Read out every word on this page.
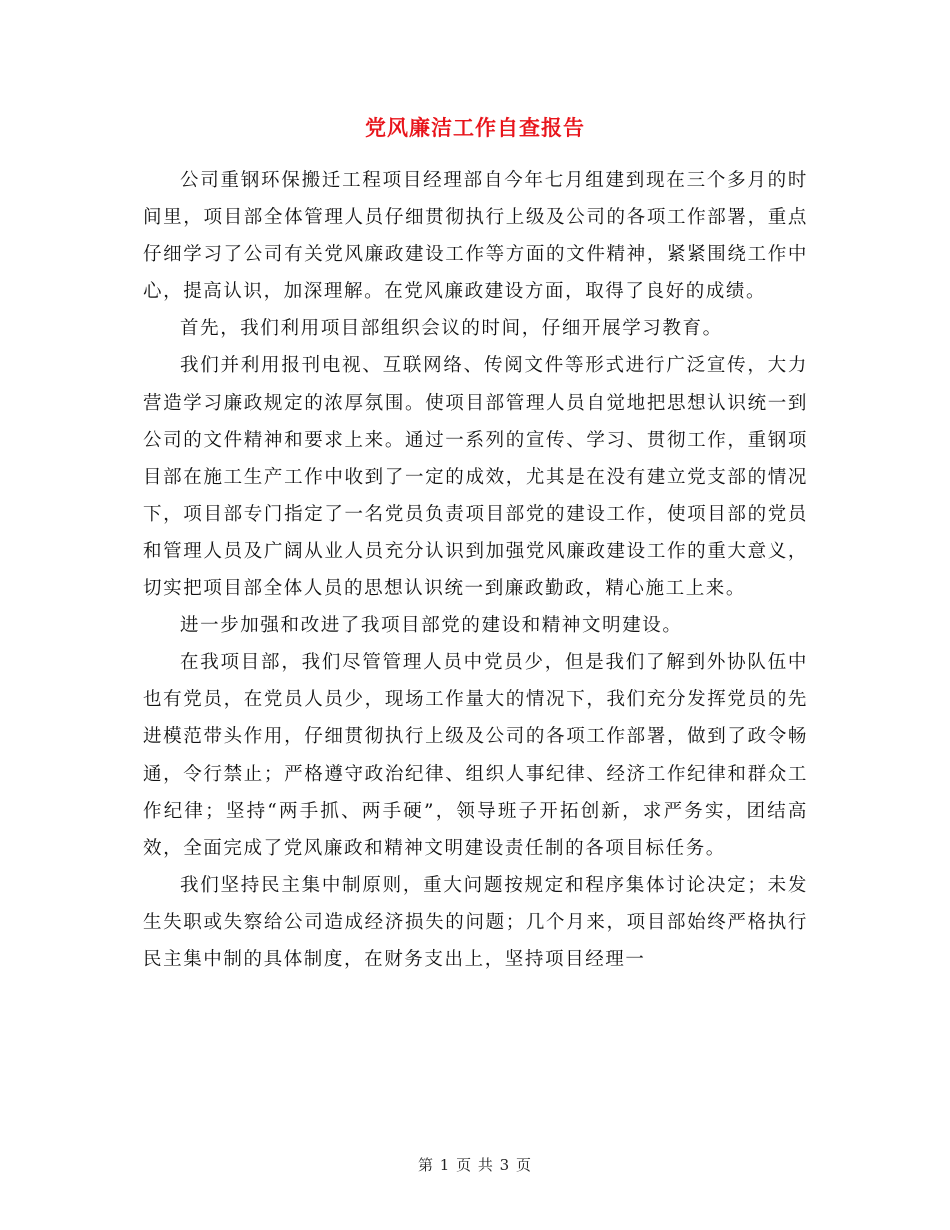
党风廉洁工作自查报告

公司重钢环保搬迁工程项目经理部自今年七月组建到现在三个多月的时间里，项目部全体管理人员仔细贯彻执行上级及公司的各项工作部署，重点仔细学习了公司有关党风廉政建设工作等方面的文件精神，紧紧围绕工作中心，提高认识，加深理解。在党风廉政建设方面，取得了良好的成绩。

首先，我们利用项目部组织会议的时间，仔细开展学习教育。

我们并利用报刊电视、互联网络、传阅文件等形式进行广泛宣传，大力营造学习廉政规定的浓厚氛围。使项目部管理人员自觉地把思想认识统一到公司的文件精神和要求上来。通过一系列的宣传、学习、贯彻工作，重钢项目部在施工生产工作中收到了一定的成效，尤其是在没有建立党支部的情况下，项目部专门指定了一名党员负责项目部党的建设工作，使项目部的党员和管理人员及广阔从业人员充分认识到加强党风廉政建设工作的重大意义，切实把项目部全体人员的思想认识统一到廉政勤政，精心施工上来。

进一步加强和改进了我项目部党的建设和精神文明建设。

在我项目部，我们尽管管理人员中党员少，但是我们了解到外协队伍中也有党员，在党员人员少，现场工作量大的情况下，我们充分发挥党员的先进模范带头作用，仔细贯彻执行上级及公司的各项工作部署，做到了政令畅通，令行禁止；严格遵守政治纪律、组织人事纪律、经济工作纪律和群众工作纪律；坚持“两手抓、两手硬”，领导班子开拓创新，求严务实，团结高效，全面完成了党风廉政和精神文明建设责任制的各项目标任务。

我们坚持民主集中制原则，重大问题按规定和程序集体讨论决定；未发生失职或失察给公司造成经济损失的问题；几个月来，项目部始终严格执行民主集中制的具体制度，在财务支出上，坚持项目经理一

第 1 页 共 3 页
